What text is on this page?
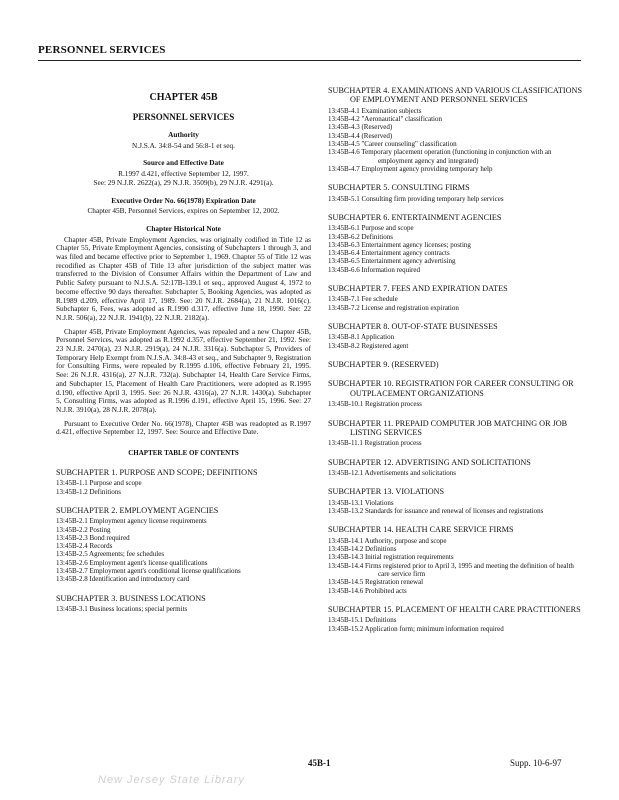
PERSONNEL SERVICES
CHAPTER 45B
PERSONNEL SERVICES
Authority
N.J.S.A. 34:8-54 and 56:8-1 et seq.
Source and Effective Date
R.1997 d.421, effective September 12, 1997.
See: 29 N.J.R. 2622(a), 29 N.J.R. 3509(b), 29 N.J.R. 4291(a).
Executive Order No. 66(1978) Expiration Date
Chapter 45B, Personnel Services, expires on September 12, 2002.
Chapter Historical Note

Chapter 45B, Private Employment Agencies, was originally codified in Title 12 as Chapter 55, Private Employment Agencies, consisting of Subchapters 1 through 3, and was filed and became effective prior to September 1, 1969. Chapter 55 of Title 12 was recodified as Chapter 45B of Title 13 after jurisdiction of the subject matter was transferred to the Division of Consumer Affairs within the Department of Law and Public Safety pursuant to N.J.S.A. 52:17B-139.1 et seq., approved August 4, 1972 to become effective 90 days thereafter. Subchapter 5, Booking Agencies, was adopted as R.1989 d.209, effective April 17, 1989. See: 20 N.J.R. 2684(a), 21 N.J.R. 1016(c). Subchapter 6, Fees, was adopted as R.1990 d.317, effective June 18, 1990. See: 22 N.J.R. 506(a), 22 N.J.R. 1941(b), 22 N.J.R. 2182(a).

Chapter 45B, Private Employment Agencies, was repealed and a new Chapter 45B, Personnel Services, was adopted as R.1992 d.357, effective September 21, 1992. See: 23 N.J.R. 2470(a), 23 N.J.R. 2919(a), 24 N.J.R. 3316(a). Subchapter 5, Providers of Temporary Help Exempt from N.J.S.A. 34:8-43 et seq., and Subchapter 9, Registration for Consulting Firms, were repealed by R.1995 d.106, effective February 21, 1995. See: 26 N.J.R. 4316(a), 27 N.J.R. 732(a). Subchapter 14, Health Care Service Firms, and Subchapter 15, Placement of Health Care Practitioners, were adopted as R.1995 d.190, effective April 3, 1995. See: 26 N.J.R. 4316(a), 27 N.J.R. 1430(a). Subchapter 5, Consulting Firms, was adopted as R.1996 d.191, effective April 15, 1996. See: 27 N.J.R. 3910(a), 28 N.J.R. 2078(a).

Pursuant to Executive Order No. 66(1978), Chapter 45B was readopted as R.1997 d.421, effective September 12, 1997. See: Source and Effective Date.

CHAPTER TABLE OF CONTENTS
SUBCHAPTER 1. PURPOSE AND SCOPE; DEFINITIONS
13:45B-1.1 Purpose and scope
13:45B-1.2 Definitions
SUBCHAPTER 2. EMPLOYMENT AGENCIES
13:45B-2.1 Employment agency license requirements
13:45B-2.2 Posting
13:45B-2.3 Bond required
13:45B-2.4 Records
13:45B-2.5 Agreements; fee schedules
13:45B-2.6 Employment agent's license qualifications
13:45B-2.7 Employment agent's conditional license qualifications
13:45B-2.8 Identification and introductory card
SUBCHAPTER 3. BUSINESS LOCATIONS
13:45B-3.1 Business locations; special permits
SUBCHAPTER 4. EXAMINATIONS AND VARIOUS CLASSIFICATIONS OF EMPLOYMENT AND PERSONNEL SERVICES
13:45B-4.1 Examination subjects
13:45B-4.2 "Aeronautical" classification
13:45B-4.3 (Reserved)
13:45B-4.4 (Reserved)
13:45B-4.5 "Career counseling" classification
13:45B-4.6 Temporary placement operation (functioning in conjunction with an employment agency and integrated)
13:45B-4.7 Employment agency providing temporary help
SUBCHAPTER 5. CONSULTING FIRMS
13:45B-5.1 Consulting firm providing temporary help services
SUBCHAPTER 6. ENTERTAINMENT AGENCIES
13:45B-6.1 Purpose and scope
13:45B-6.2 Definitions
13:45B-6.3 Entertainment agency licenses; posting
13:45B-6.4 Entertainment agency contracts
13:45B-6.5 Entertainment agency advertising
13:45B-6.6 Information required
SUBCHAPTER 7. FEES AND EXPIRATION DATES
13:45B-7.1 Fee schedule
13:45B-7.2 License and registration expiration
SUBCHAPTER 8. OUT-OF-STATE BUSINESSES
13:45B-8.1 Application
13:45B-8.2 Registered agent
SUBCHAPTER 9. (RESERVED)
SUBCHAPTER 10. REGISTRATION FOR CAREER CONSULTING OR OUTPLACEMENT ORGANIZATIONS
13:45B-10.1 Registration process
SUBCHAPTER 11. PREPAID COMPUTER JOB MATCHING OR JOB LISTING SERVICES
13:45B-11.1 Registration process
SUBCHAPTER 12. ADVERTISING AND SOLICITATIONS
13:45B-12.1 Advertisements and solicitations
SUBCHAPTER 13. VIOLATIONS
13:45B-13.1 Violations
13:45B-13.2 Standards for issuance and renewal of licenses and registrations
SUBCHAPTER 14. HEALTH CARE SERVICE FIRMS
13:45B-14.1 Authority, purpose and scope
13:45B-14.2 Definitions
13:45B-14.3 Initial registration requirements
13:45B-14.4 Firms registered prior to April 3, 1995 and meeting the definition of health care service firm
13:45B-14.5 Registration renewal
13:45B-14.6 Prohibited acts
SUBCHAPTER 15. PLACEMENT OF HEALTH CARE PRACTITIONERS
13:45B-15.1 Definitions
13:45B-15.2 Application form; minimum information required
45B-1	Supp. 10-6-97
New Jersey State Library
